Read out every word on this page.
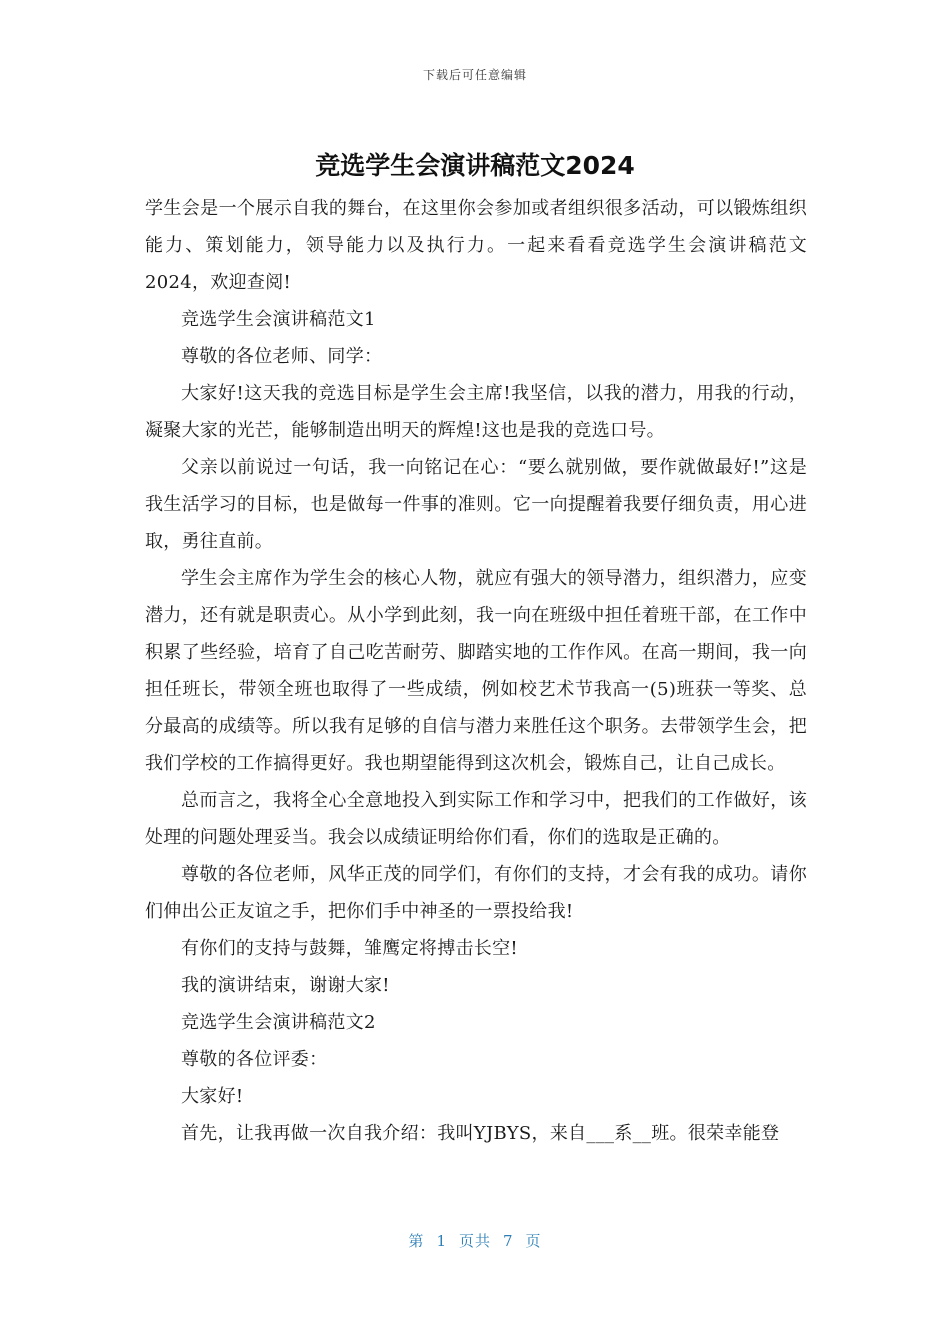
下载后可任意编辑
竞选学生会演讲稿范文2024

学生会是一个展示自我的舞台，在这里你会参加或者组织很多活动，可以锻炼组织能力、策划能力，领导能力以及执行力。一起来看看竞选学生会演讲稿范文2024，欢迎查阅!

竞选学生会演讲稿范文1

尊敬的各位老师、同学：

大家好!这天我的竞选目标是学生会主席!我坚信，以我的潜力，用我的行动，凝聚大家的光芒，能够制造出明天的辉煌!这也是我的竞选口号。

父亲以前说过一句话，我一向铭记在心：“要么就别做，要作就做最好!”这是我生活学习的目标，也是做每一件事的准则。它一向提醒着我要仔细负责，用心进取，勇往直前。

学生会主席作为学生会的核心人物，就应有强大的领导潜力，组织潜力，应变潜力，还有就是职责心。从小学到此刻，我一向在班级中担任着班干部，在工作中积累了些经验，培育了自己吃苦耐劳、脚踏实地的工作作风。在高一期间，我一向担任班长，带领全班也取得了一些成绩，例如校艺术节我高一(5)班获一等奖、总分最高的成绩等。所以我有足够的自信与潜力来胜任这个职务。去带领学生会，把我们学校的工作搞得更好。我也期望能得到这次机会，锻炼自己，让自己成长。

总而言之，我将全心全意地投入到实际工作和学习中，把我们的工作做好，该处理的问题处理妥当。我会以成绩证明给你们看，你们的选取是正确的。

尊敬的各位老师，风华正茂的同学们，有你们的支持，才会有我的成功。请你们伸出公正友谊之手，把你们手中神圣的一票投给我!

有你们的支持与鼓舞，雏鹰定将搏击长空!

我的演讲结束，谢谢大家!

竞选学生会演讲稿范文2

尊敬的各位评委：

大家好!

首先，让我再做一次自我介绍：我叫YJBYS，来自___系__班。很荣幸能登

第 1 页共 7 页
